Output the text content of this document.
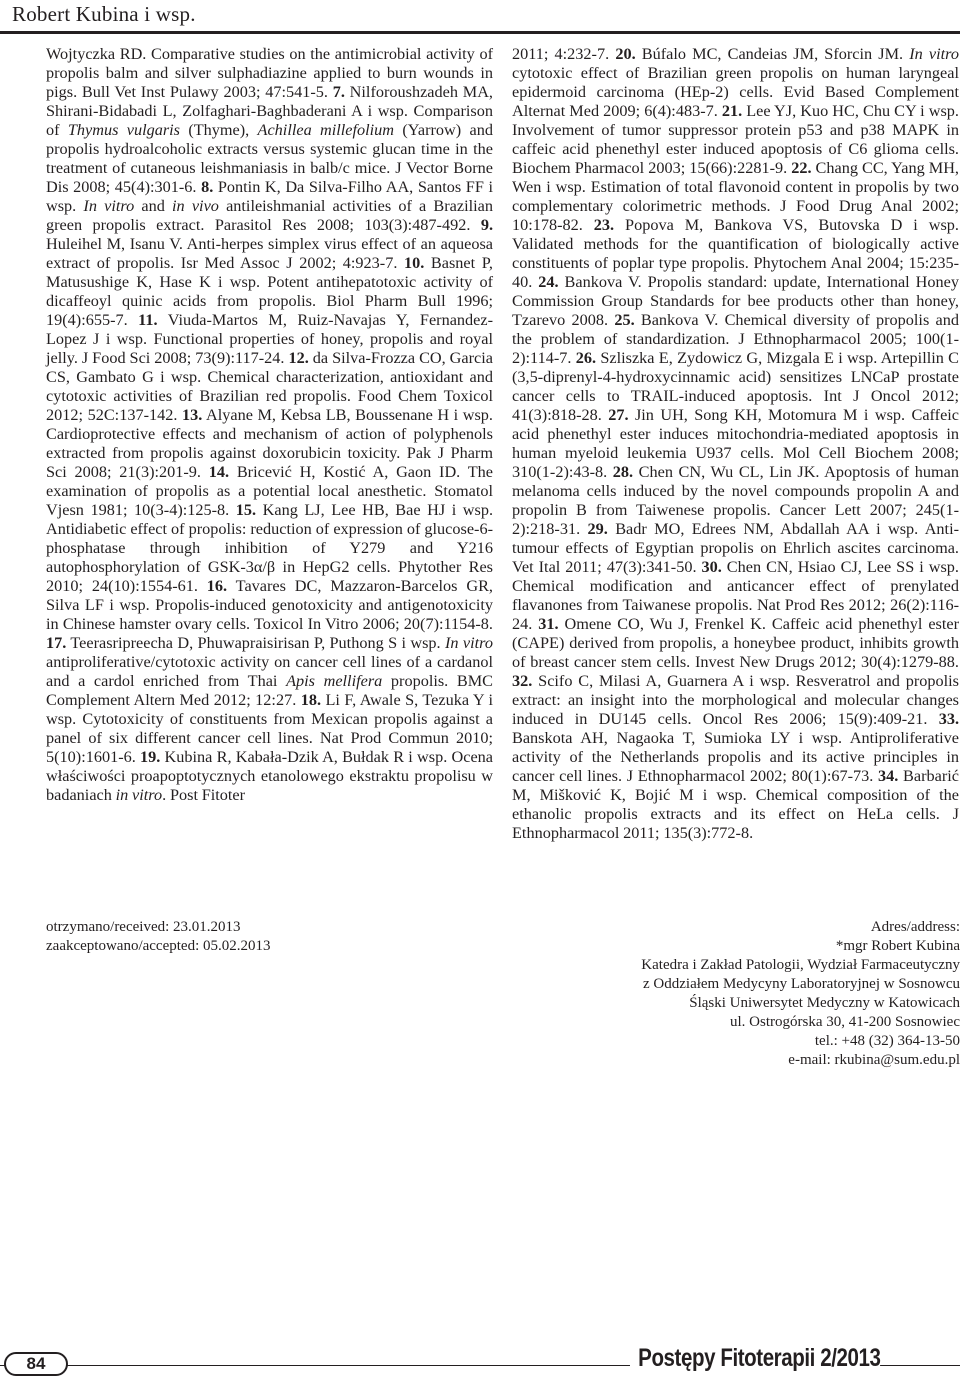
Robert Kubina i wsp.

Wojtyczka RD. Comparative studies on the antimicrobial activity of propolis balm and silver sulphadiazine applied to burn wounds in pigs. Bull Vet Inst Pulawy 2003; 47:541-5. 7. Nilforoushzadeh MA, Shirani-Bidabadi L, Zolfaghari-Baghbaderani A i wsp. Comparison of Thymus vulgaris (Thyme), Achillea millefolium (Yarrow) and propolis hydroalcoholic extracts versus systemic glucan time in the treatment of cutaneous leishmaniasis in balb/c mice. J Vector Borne Dis 2008; 45(4):301-6. 8. Pontin K, Da Silva-Filho AA, Santos FF i wsp. In vitro and in vivo antileishmanial activities of a Brazilian green propolis extract. Parasitol Res 2008; 103(3):487-492. 9. Huleihel M, Isanu V. Anti-herpes simplex virus effect of an aqueosa extract of propolis. Isr Med Assoc J 2002; 4:923-7. 10. Basnet P, Matusushige K, Hase K i wsp. Potent antihepatotoxic activity of dicaffeoyl quinic acids from propolis. Biol Pharm Bull 1996; 19(4):655-7. 11. Viuda-Martos M, Ruiz-Navajas Y, Fernandez-Lopez J i wsp. Functional properties of honey, propolis and royal jelly. J Food Sci 2008; 73(9):117-24. 12. da Silva-Frozza CO, Garcia CS, Gambato G i wsp. Chemical characterization, antioxidant and cytotoxic activities of Brazilian red propolis. Food Chem Toxicol 2012; 52C:137-142. 13. Alyane M, Kebsa LB, Boussenane H i wsp. Cardioprotective effects and mechanism of action of polyphenols extracted from propolis against doxorubicin toxicity. Pak J Pharm Sci 2008; 21(3):201-9. 14. Bricević H, Kostić A, Gaon ID. The examination of propolis as a potential local anesthetic. Stomatol Vjesn 1981; 10(3-4):125-8. 15. Kang LJ, Lee HB, Bae HJ i wsp. Antidiabetic effect of propolis: reduction of expression of glucose-6-phosphatase through inhibition of Y279 and Y216 autophosphorylation of GSK-3α/β in HepG2 cells. Phytother Res 2010; 24(10):1554-61. 16. Tavares DC, Mazzaron-Barcelos GR, Silva LF i wsp. Propolis-induced genotoxicity and antigenotoxicity in Chinese hamster ovary cells. Toxicol In Vitro 2006; 20(7):1154-8. 17. Teerasripreecha D, Phuwapraisirisan P, Puthong S i wsp. In vitro antiproliferative/cytotoxic activity on cancer cell lines of a cardanol and a cardol enriched from Thai Apis mellifera propolis. BMC Complement Altern Med 2012; 12:27. 18. Li F, Awale S, Tezuka Y i wsp. Cytotoxicity of constituents from Mexican propolis against a panel of six different cancer cell lines. Nat Prod Commun 2010; 5(10):1601-6. 19. Kubina R, Kabała-Dzik A, Bułdak R i wsp. Ocena właściwości proapoptotycznych etanolowego ekstraktu propolisu w badaniach in vitro. Post Fitoter

2011; 4:232-7. 20. Búfalo MC, Candeias JM, Sforcin JM. In vitro cytotoxic effect of Brazilian green propolis on human laryngeal epidermoid carcinoma (HEp-2) cells. Evid Based Complement Alternat Med 2009; 6(4):483-7. 21. Lee YJ, Kuo HC, Chu CY i wsp. Involvement of tumor suppressor protein p53 and p38 MAPK in caffeic acid phenethyl ester induced apoptosis of C6 glioma cells. Biochem Pharmacol 2003; 15(66):2281-9. 22. Chang CC, Yang MH, Wen i wsp. Estimation of total flavonoid content in propolis by two complementary colorimetric methods. J Food Drug Anal 2002; 10:178-82. 23. Popova M, Bankova VS, Butovska D i wsp. Validated methods for the quantification of biologically active constituents of poplar type propolis. Phytochem Anal 2004; 15:235-40. 24. Bankova V. Propolis standard: update, International Honey Commission Group Standards for bee products other than honey, Tzarevo 2008. 25. Bankova V. Chemical diversity of propolis and the problem of standardization. J Ethnopharmacol 2005; 100(1-2):114-7. 26. Szliszka E, Zydowicz G, Mizgala E i wsp. Artepillin C (3,5-diprenyl-4-hydroxycinnamic acid) sensitizes LNCaP prostate cancer cells to TRAIL-induced apoptosis. Int J Oncol 2012; 41(3):818-28. 27. Jin UH, Song KH, Motomura M i wsp. Caffeic acid phenethyl ester induces mitochondria-mediated apoptosis in human myeloid leukemia U937 cells. Mol Cell Biochem 2008; 310(1-2):43-8. 28. Chen CN, Wu CL, Lin JK. Apoptosis of human melanoma cells induced by the novel compounds propolin A and propolin B from Taiwenese propolis. Cancer Lett 2007; 245(1-2):218-31. 29. Badr MO, Edrees NM, Abdallah AA i wsp. Anti-tumour effects of Egyptian propolis on Ehrlich ascites carcinoma. Vet Ital 2011; 47(3):341-50. 30. Chen CN, Hsiao CJ, Lee SS i wsp. Chemical modification and anticancer effect of prenylated flavanones from Taiwanese propolis. Nat Prod Res 2012; 26(2):116-24. 31. Omene CO, Wu J, Frenkel K. Caffeic acid phenethyl ester (CAPE) derived from propolis, a honeybee product, inhibits growth of breast cancer stem cells. Invest New Drugs 2012; 30(4):1279-88. 32. Scifo C, Milasi A, Guarnera A i wsp. Resveratrol and propolis extract: an insight into the morphological and molecular changes induced in DU145 cells. Oncol Res 2006; 15(9):409-21. 33. Banskota AH, Nagaoka T, Sumioka LY i wsp. Antiproliferative activity of the Netherlands propolis and its active principles in cancer cell lines. J Ethnopharmacol 2002; 80(1):67-73. 34. Barbarić M, Mišković K, Bojić M i wsp. Chemical composition of the ethanolic propolis extracts and its effect on HeLa cells. J Ethnopharmacol 2011; 135(3):772-8.

otrzymano/received: 23.01.2013
zaakceptowano/accepted: 05.02.2013
Adres/address:
*mgr Robert Kubina
Katedra i Zakład Patologii, Wydział Farmaceutyczny
z Oddziałem Medycyny Laboratoryjnej w Sosnowcu
Śląski Uniwersytet Medyczny w Katowicach
ul. Ostrogórska 30, 41-200 Sosnowiec
tel.: +48 (32) 364-13-50
e-mail: rkubina@sum.edu.pl
84	Postępy Fitoterapii 2/2013
